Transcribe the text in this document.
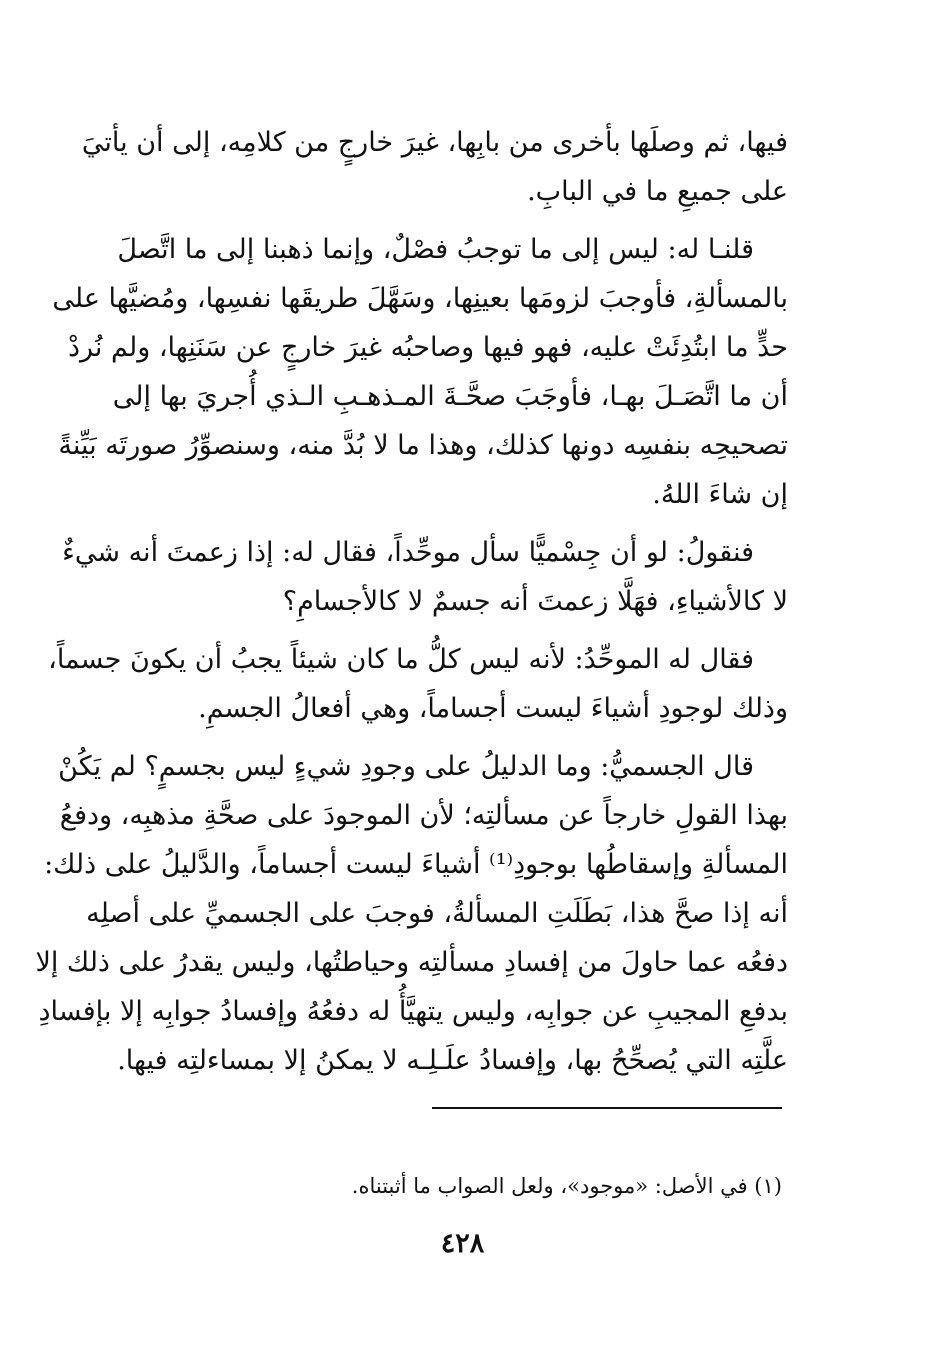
فيها، ثم وصلَها بأخرى من بابِها، غيرَ خارجٍ من كلامِه، إلى أن يأتيَ
على جميعِ ما في البابِ.
قلنـا له: ليس إلى ما توجبُ فصْلٌ، وإنما ذهبنا إلى ما اتَّصلَ
بالمسألةِ، فأوجبَ لزومَها بعينِها، وسَهَّلَ طريقَها نفسِها، ومُضيَّها على
حدٍّ ما ابتُدِئَتْ عليه، فهو فيها وصاحبُه غيرَ خارجٍ عن سَنَنِها، ولم نُردْ
أن ما اتَّصَـلَ بهـا، فأوجَبَ صحَّـةَ المـذهـبِ الـذي أُجريَ بها إلى
تصحيحِه بنفسِه دونها كذلك، وهذا ما لا بُدَّ منه، وسنصوِّرُ صورتَه بَيِّنةً
إن شاءَ اللهُ.
فنقولُ: لو أن جِسْميًّا سأل موحِّداً، فقال له: إذا زعمتَ أنه شيءٌ
لا كالأشياءِ، فهَلَّا زعمتَ أنه جسمٌ لا كالأجسامِ؟
فقال له الموحِّدُ: لأنه ليس كلُّ ما كان شيئاً يجبُ أن يكونَ جسماً،
وذلك لوجودِ أشياءَ ليست أجساماً، وهي أفعالُ الجسمِ.
قال الجسميُّ: وما الدليلُ على وجودِ شيءٍ ليس بجسمٍ؟ لم يَكُنْ
بهذا القولِ خارجاً عن مسألتِه؛ لأن الموجودَ على صحَّةِ مذهبِه، ودفعُ
المسألةِ وإسقاطُها بوجودِ⁽¹⁾ أشياءَ ليست أجساماً، والدَّليلُ على ذلك:
أنه إذا صحَّ هذا، بَطَلَتِ المسألةُ، فوجبَ على الجسميِّ على أصلِه
دفعُه عما حاولَ من إفسادِ مسألتِه وحياطتُها، وليس يقدرُ على ذلك إلا
بدفعِ المجيبِ عن جوابِه، وليس يتهيَّأُ له دفعُهُ وإفسادُ جوابِه إلا بإفسادِ
علَّتِه التي يُصحِّحُ بها، وإفسادُ علَـلِـه لا يمكنُ إلا بمساءلتِه فيها.
(١) في الأصل: «موجود»، ولعل الصواب ما أثبتناه.
٤٢٨
